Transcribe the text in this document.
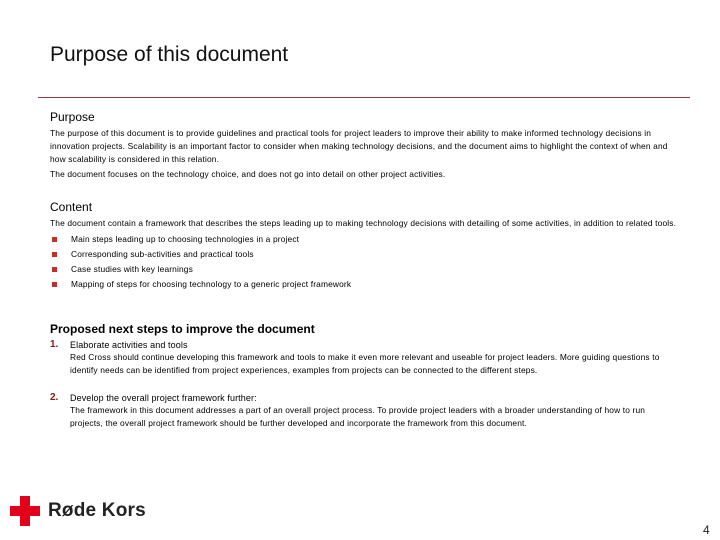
Purpose of this document
Purpose

The purpose of this document is to provide guidelines and practical tools for project leaders to improve their ability to make informed technology decisions in innovation projects. Scalability is an important factor to consider when making technology decisions, and the document aims to highlight the context of when and how scalability is considered in this relation.

The document focuses on the technology choice, and does not go into detail on other project activities.

Content

The document contain a framework that describes the steps leading up to making technology decisions with detailing of some activities, in addition to related tools.

Main steps leading up to choosing technologies in a project
Corresponding sub-activities and practical tools
Case studies with key learnings
Mapping of steps for choosing technology to a generic project framework
Proposed next steps to improve the document
1. Elaborate activities and tools

Red Cross should continue developing this framework and tools to make it even more relevant and useable for project leaders. More guiding questions to identify needs can be identified from project experiences, examples from projects can be connected to the different steps.

2. Develop the overall project framework further:

The framework in this document addresses a part of an overall project process. To provide project leaders with a broader understanding of how to run projects, the overall project framework should be further developed and incorporate the framework from this document.

Røde Kors
4
